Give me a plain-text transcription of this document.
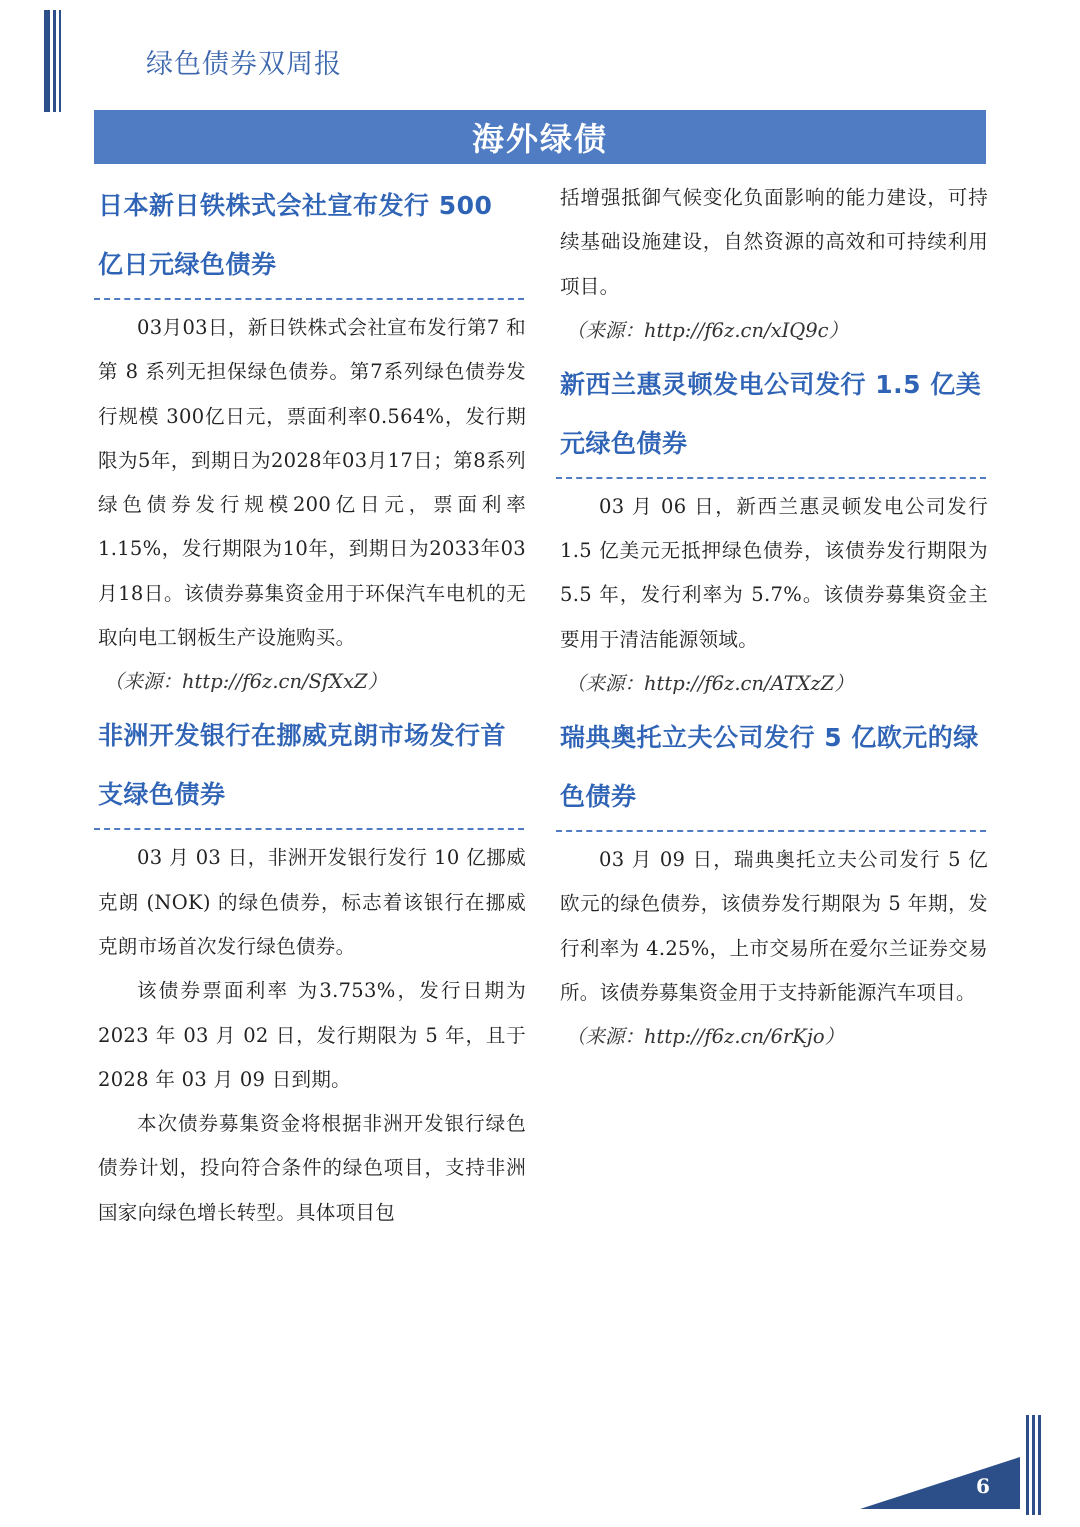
绿色债券双周报
海外绿债
日本新日铁株式会社宣布发行 500 亿日元绿色债券

03月03日，新日铁株式会社宣布发行第7 和第 8 系列无担保绿色债券。第7系列绿色债券发行规模 300亿日元，票面利率0.564%，发行期限为5年，到期日为2028年03月17日；第8系列绿色债券发行规模200亿日元，票面利率1.15%，发行期限为10年，到期日为2033年03月18日。该债券募集资金用于环保汽车电机的无取向电工钢板生产设施购买。

（来源：http://f6z.cn/SfXxZ）

非洲开发银行在挪威克朗市场发行首支绿色债券

03 月 03 日，非洲开发银行发行 10 亿挪威克朗 (NOK) 的绿色债券，标志着该银行在挪威克朗市场首次发行绿色债券。

该债券票面利率 为3.753%，发行日期为2023 年 03 月 02 日，发行期限为 5 年，且于2028 年 03 月 09 日到期。

本次债券募集资金将根据非洲开发银行绿色债券计划，投向符合条件的绿色项目，支持非洲国家向绿色增长转型。具体项目包

括增强抵御气候变化负面影响的能力建设，可持续基础设施建设，自然资源的高效和可持续利用项目。

（来源：http://f6z.cn/xIQ9c）

新西兰惠灵顿发电公司发行 1.5 亿美元绿色债券

03 月 06 日，新西兰惠灵顿发电公司发行1.5 亿美元无抵押绿色债券，该债券发行期限为 5.5 年，发行利率为 5.7%。该债券募集资金主要用于清洁能源领域。

（来源：http://f6z.cn/ATXzZ）

瑞典奥托立夫公司发行 5 亿欧元的绿色债券

03 月 09 日，瑞典奥托立夫公司发行 5 亿欧元的绿色债券，该债券发行期限为 5 年期，发行利率为 4.25%，上市交易所在爱尔兰证券交易所。该债券募集资金用于支持新能源汽车项目。

（来源：http://f6z.cn/6rKjo）

6
